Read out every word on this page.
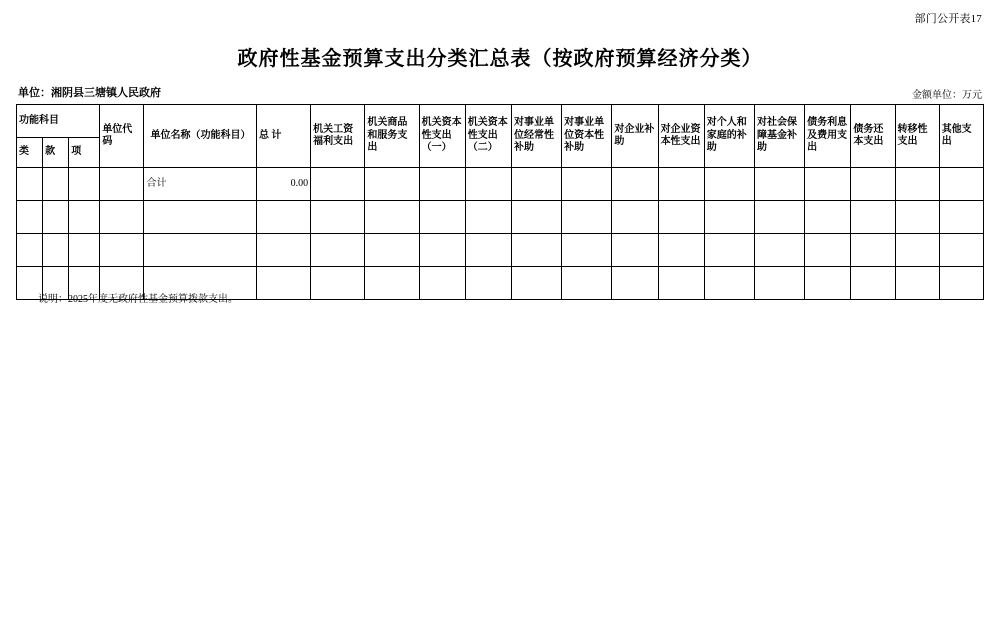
部门公开表17
政府性基金预算支出分类汇总表（按政府预算经济分类）
单位：湘阴县三塘镇人民政府	金额单位：万元
功能科目			单位代码	单位名称（功能科目）	总 计	机关工资福利支出	机关商品和服务支出	机关资本性支出（一）	机关资本性支出（二）	对事业单位经常性补助	对事业单位资本性补助	对企业补助	对企业资本性支出	对个人和家庭的补助	对社会保障基金补助	债务利息及费用支出	债务还本支出	转移性支出	其他支出
类	款	项																	
				合计	0.00														

说明：2025年度无政府性基金预算拨款支出。
